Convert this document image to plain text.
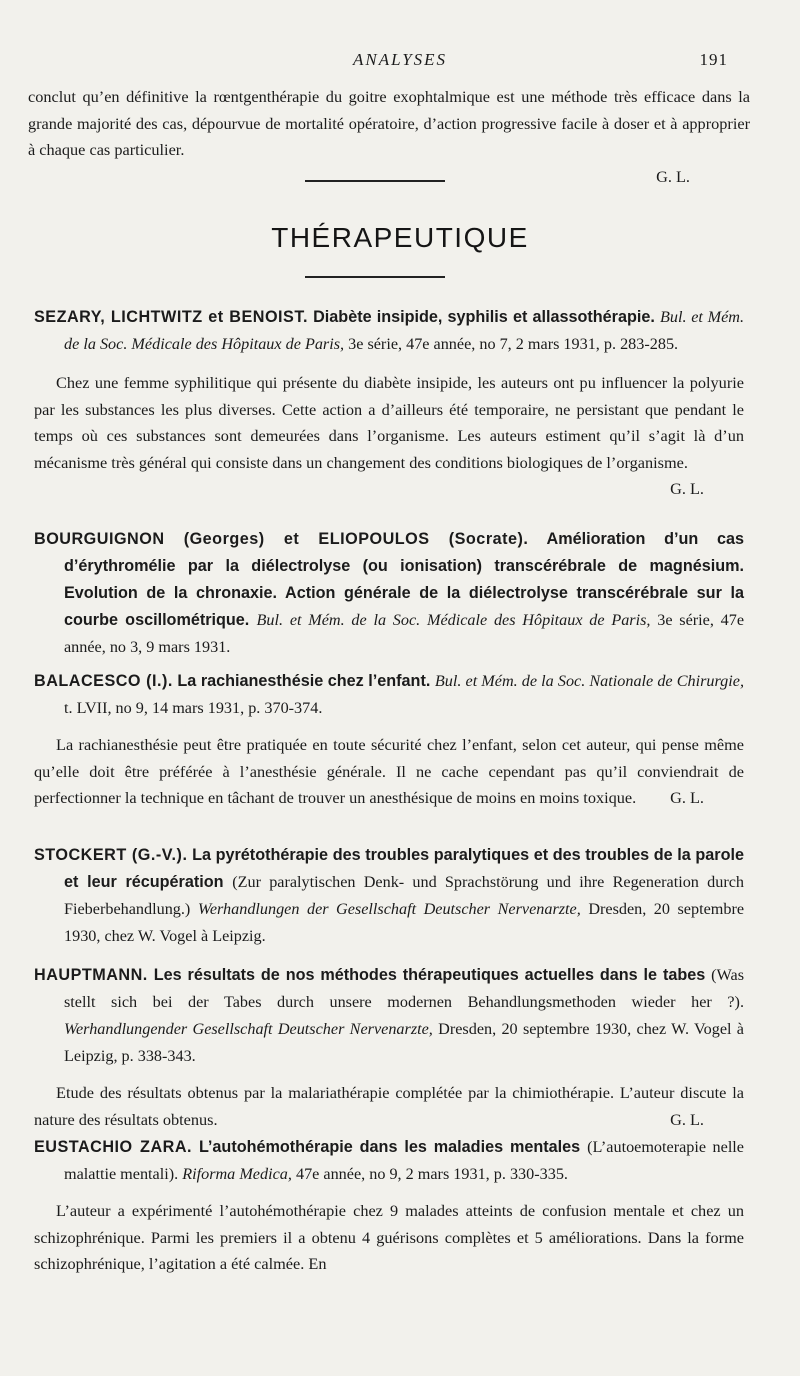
ANALYSES	191

conclut qu’en définitive la rœntgenthérapie du goitre exophtalmique est une méthode très efficace dans la grande majorité des cas, dépourvue de mortalité opératoire, d’action progressive facile à doser et à approprier à chaque cas particulier.

G. L.
THÉRAPEUTIQUE

SEZARY, LICHTWITZ et BENOIST. Diabète insipide, syphilis et allassothérapie. Bul. et Mém. de la Soc. Médicale des Hôpitaux de Paris, 3e série, 47e année, no 7, 2 mars 1931, p. 283-285.

Chez une femme syphilitique qui présente du diabète insipide, les auteurs ont pu influencer la polyurie par les substances les plus diverses. Cette action a d’ailleurs été temporaire, ne persistant que pendant le temps où ces substances sont demeurées dans l’organisme. Les auteurs estiment qu’il s’agit là d’un mécanisme très général qui consiste dans un changement des conditions biologiques de l’organisme.
G. L.

BOURGUIGNON (Georges) et ELIOPOULOS (Socrate). Amélioration d’un cas d’érythromélie par la diélectrolyse (ou ionisation) transcérébrale de magnésium. Evolution de la chronaxie. Action générale de la diélectrolyse transcérébrale sur la courbe oscillométrique. Bul. et Mém. de la Soc. Médicale des Hôpitaux de Paris, 3e série, 47e année, no 3, 9 mars 1931.

BALACESCO (I.). La rachianesthésie chez l’enfant. Bul. et Mém. de la Soc. Nationale de Chirurgie, t. LVII, no 9, 14 mars 1931, p. 370-374.

La rachianesthésie peut être pratiquée en toute sécurité chez l’enfant, selon cet auteur, qui pense même qu’elle doit être préférée à l’anesthésie générale. Il ne cache cependant pas qu’il conviendrait de perfectionner la technique en tâchant de trouver un anesthésique de moins en moins toxique.	G. L.

STOCKERT (G.-V.). La pyrétothérapie des troubles paralytiques et des troubles de la parole et leur récupération (Zur paralytischen Denk- und Sprachstörung und ihre Regeneration durch Fieberbehandlung.) Werhandlungen der Gesellschaft Deutscher Nervenarzte, Dresden, 20 septembre 1930, chez W. Vogel à Leipzig.

HAUPTMANN. Les résultats de nos méthodes thérapeutiques actuelles dans le tabes (Was stellt sich bei der Tabes durch unsere modernen Behandlungsmethoden wieder her ?). Werhandlungender Gesellschaft Deutscher Nervenarzte, Dresden, 20 septembre 1930, chez W. Vogel à Leipzig, p. 338-343.

Etude des résultats obtenus par la malariathérapie complétée par la chimiothérapie. L’auteur discute la nature des résultats obtenus.	G. L.

EUSTACHIO ZARA. L’autohémothérapie dans les maladies mentales (L’autoemoterapie nelle malattie mentali). Riforma Medica, 47e année, no 9, 2 mars 1931, p. 330-335.

L’auteur a expérimenté l’autohémothérapie chez 9 malades atteints de confusion mentale et chez un schizophrénique. Parmi les premiers il a obtenu 4 guérisons complètes et 5 améliorations. Dans la forme schizophrénique, l’agitation a été calmée. En
